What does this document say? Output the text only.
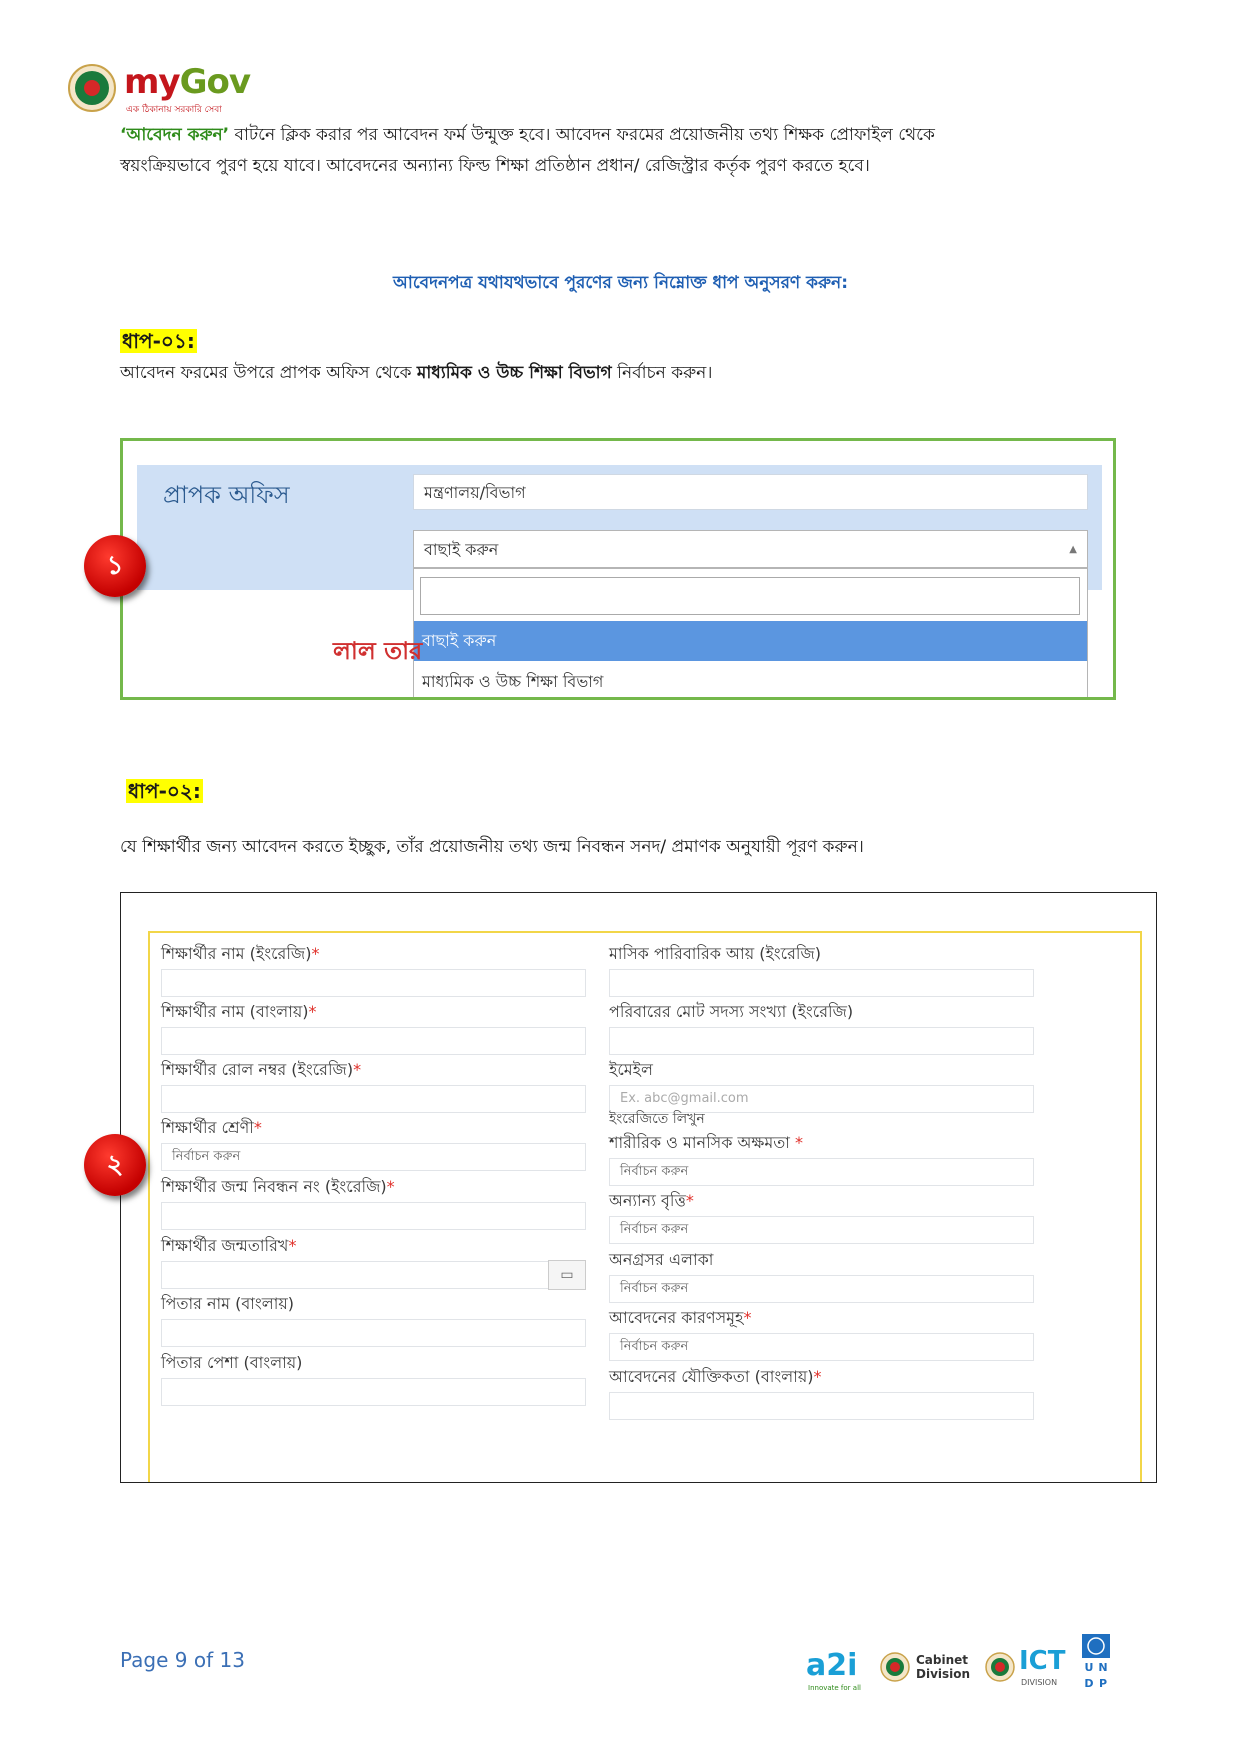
myGov
এক ঠিকানায় সরকারি সেবা
‘আবেদন করুন’ বাটনে ক্লিক করার পর আবেদন ফর্ম উন্মুক্ত হবে। আবেদন ফরমের প্রয়োজনীয় তথ্য শিক্ষক প্রোফাইল থেকে
স্বয়ংক্রিয়ভাবে পুরণ হয়ে যাবে। আবেদনের অন্যান্য ফিল্ড শিক্ষা প্রতিষ্ঠান প্রধান/ রেজিস্ট্রার কর্তৃক পুরণ করতে হবে।
আবেদনপত্র যথাযথভাবে পুরণের জন্য নিম্নোক্ত ধাপ অনুসরণ করুন:
ধাপ-০১:
আবেদন ফরমের উপরে প্রাপক অফিস থেকে মাধ্যমিক ও উচ্চ শিক্ষা বিভাগ নির্বাচন করুন।
প্রাপক অফিস	মন্ত্রণালয়/বিভাগ
বাছাই করুন	▲
বাছাই করুন
মাধ্যমিক ও উচ্চ শিক্ষা বিভাগ
লাল তার
১
ধাপ-০২:
যে শিক্ষার্থীর জন্য আবেদন করতে ইচ্ছুক, তাঁর প্রয়োজনীয় তথ্য জন্ম নিবন্ধন সনদ/ প্রমাণক অনুযায়ী পূরণ করুন।
শিক্ষার্থীর নাম (ইংরেজি)*
শিক্ষার্থীর নাম (বাংলায়)*
শিক্ষার্থীর রোল নম্বর (ইংরেজি)*
শিক্ষার্থীর শ্রেণী*
নির্বাচন করুন
শিক্ষার্থীর জন্ম নিবন্ধন নং (ইংরেজি)*
শিক্ষার্থীর জন্মতারিখ*
▭
পিতার নাম (বাংলায়)
পিতার পেশা (বাংলায়)
মাসিক পারিবারিক আয় (ইংরেজি)
পরিবারের মোট সদস্য সংখ্যা (ইংরেজি)
ইমেইল
Ex. abc@gmail.com
ইংরেজিতে লিখুন
শারীরিক ও মানসিক অক্ষমতা *
নির্বাচন করুন
অন্যান্য বৃত্তি*
নির্বাচন করুন
অনগ্রসর এলাকা
নির্বাচন করুন
আবেদনের কারণসমূহ*
নির্বাচন করুন
আবেদনের যৌক্তিকতা (বাংলায়)*
২
Page 9 of 13	a2i
Innovate for all
Cabinet
Division ICT
DIVISION
U N
D P
